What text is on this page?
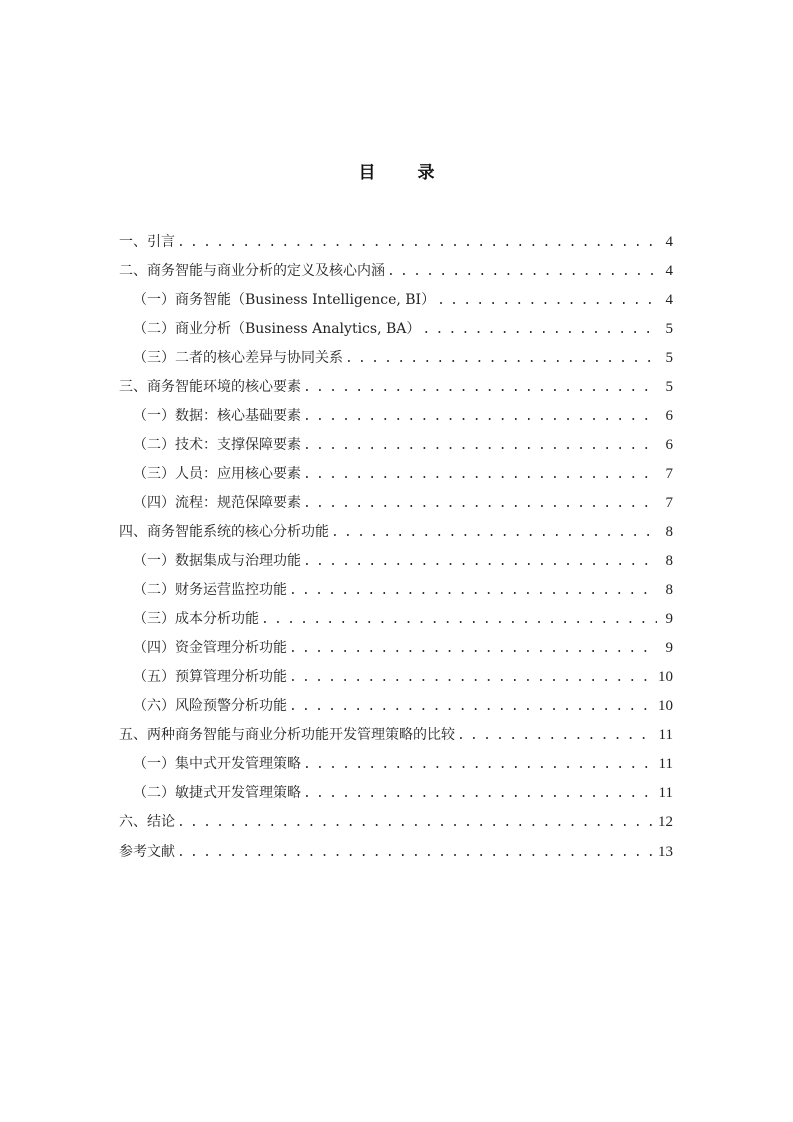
目 录
一、引言 . . .	4
二、商务智能与商业分析的定义及核心内涵 . . .	4
（一）商务智能（Business Intelligence, BI） . . .	4
（二）商业分析（Business Analytics, BA） . . .	5
（三）二者的核心差异与协同关系 . . .	5
三、商务智能环境的核心要素 . . .	5
（一）数据：核心基础要素 . . .	6
（二）技术：支撑保障要素 . . .	6
（三）人员：应用核心要素 . . .	7
（四）流程：规范保障要素 . . .	7
四、商务智能系统的核心分析功能 . . .	8
（一）数据集成与治理功能 . . .	8
（二）财务运营监控功能 . . .	8
（三）成本分析功能 . . .	9
（四）资金管理分析功能 . . .	9
（五）预算管理分析功能 . . .	10
（六）风险预警分析功能 . . .	10
五、两种商务智能与商业分析功能开发管理策略的比较 . . .	11
（一）集中式开发管理策略 . . .	11
（二）敏捷式开发管理策略 . . .	11
六、结论 . . .	12
参考文献 . . .	13
